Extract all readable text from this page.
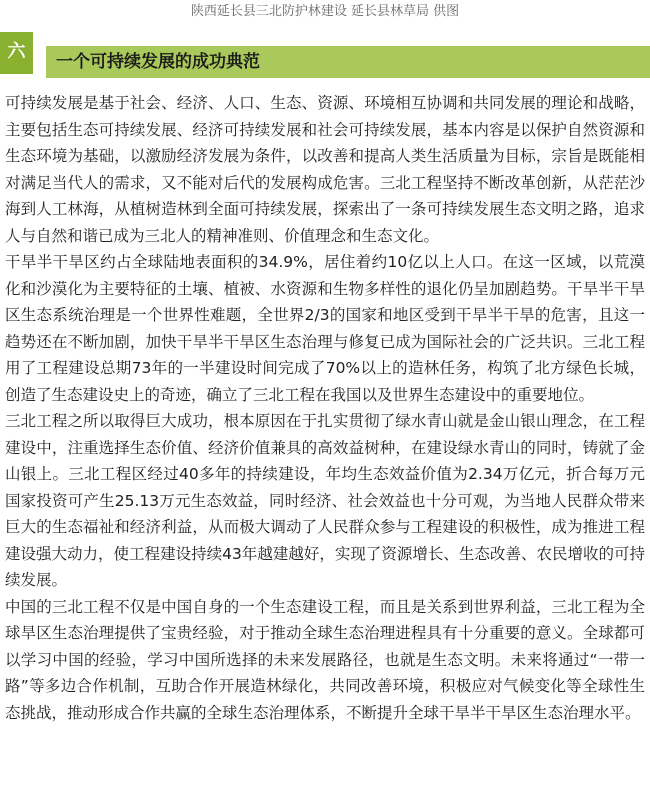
陕西延长县三北防护林建设 延长县林草局 供图
六	一个可持续发展的成功典范

可持续发展是基于社会、经济、人口、生态、资源、环境相互协调和共同发展的理论和战略，主要包括生态可持续发展、经济可持续发展和社会可持续发展，基本内容是以保护自然资源和生态环境为基础，以激励经济发展为条件，以改善和提高人类生活质量为目标，宗旨是既能相对满足当代人的需求，又不能对后代的发展构成危害。三北工程坚持不断改革创新，从茫茫沙海到人工林海，从植树造林到全面可持续发展，探索出了一条可持续发展生态文明之路，追求人与自然和谐已成为三北人的精神准则、价值理念和生态文化。

干旱半干旱区约占全球陆地表面积的34.9%，居住着约10亿以上人口。在这一区域，以荒漠化和沙漠化为主要特征的土壤、植被、水资源和生物多样性的退化仍呈加剧趋势。干旱半干旱区生态系统治理是一个世界性难题，全世界2/3的国家和地区受到干旱半干旱的危害，且这一趋势还在不断加剧，加快干旱半干旱区生态治理与修复已成为国际社会的广泛共识。三北工程用了工程建设总期73年的一半建设时间完成了70%以上的造林任务，构筑了北方绿色长城，创造了生态建设史上的奇迹，确立了三北工程在我国以及世界生态建设中的重要地位。

三北工程之所以取得巨大成功，根本原因在于扎实贯彻了绿水青山就是金山银山理念，在工程建设中，注重选择生态价值、经济价值兼具的高效益树种，在建设绿水青山的同时，铸就了金山银上。三北工程区经过40多年的持续建设，年均生态效益价值为2.34万亿元，折合每万元国家投资可产生25.13万元生态效益，同时经济、社会效益也十分可观，为当地人民群众带来巨大的生态福祉和经济利益，从而极大调动了人民群众参与工程建设的积极性，成为推进工程建设强大动力，使工程建设持续43年越建越好，实现了资源增长、生态改善、农民增收的可持续发展。

中国的三北工程不仅是中国自身的一个生态建设工程，而且是关系到世界利益，三北工程为全球旱区生态治理提供了宝贵经验，对于推动全球生态治理进程具有十分重要的意义。全球都可以学习中国的经验，学习中国所选择的未来发展路径，也就是生态文明。未来将通过“一带一路”等多边合作机制，互助合作开展造林绿化，共同改善环境，积极应对气候变化等全球性生态挑战，推动形成合作共赢的全球生态治理体系，不断提升全球干旱半干旱区生态治理水平。
